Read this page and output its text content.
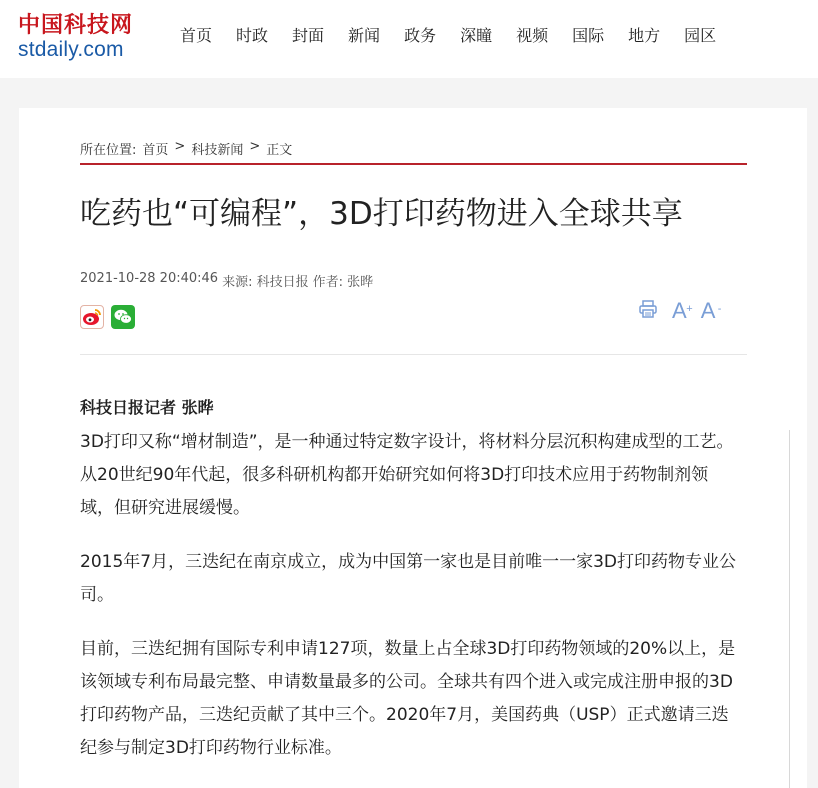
中国科技网
stdaily.com
首页 时政 封面 新闻 政务 深瞳 视频 国际 地方 园区
所在位置: 首页 > 科技新闻 > 正文
吃药也“可编程”，3D打印药物进入全球共享
2021-10-28 20:40:46 来源: 科技日报 作者: 张晔
A + A -
科技日报记者 张晔

3D打印又称“增材制造”，是一种通过特定数字设计，将材料分层沉积构建成型的工艺。从20世纪90年代起，很多科研机构都开始研究如何将3D打印技术应用于药物制剂领域，但研究进展缓慢。

2015年7月，三迭纪在南京成立，成为中国第一家也是目前唯一一家3D打印药物专业公司。

目前，三迭纪拥有国际专利申请127项，数量上占全球3D打印药物领域的20%以上，是该领域专利布局最完整、申请数量最多的公司。全球共有四个进入或完成注册申报的3D打印药物产品，三迭纪贡献了其中三个。2020年7月，美国药典（USP）正式邀请三迭纪参与制定3D打印药物行业标准。
